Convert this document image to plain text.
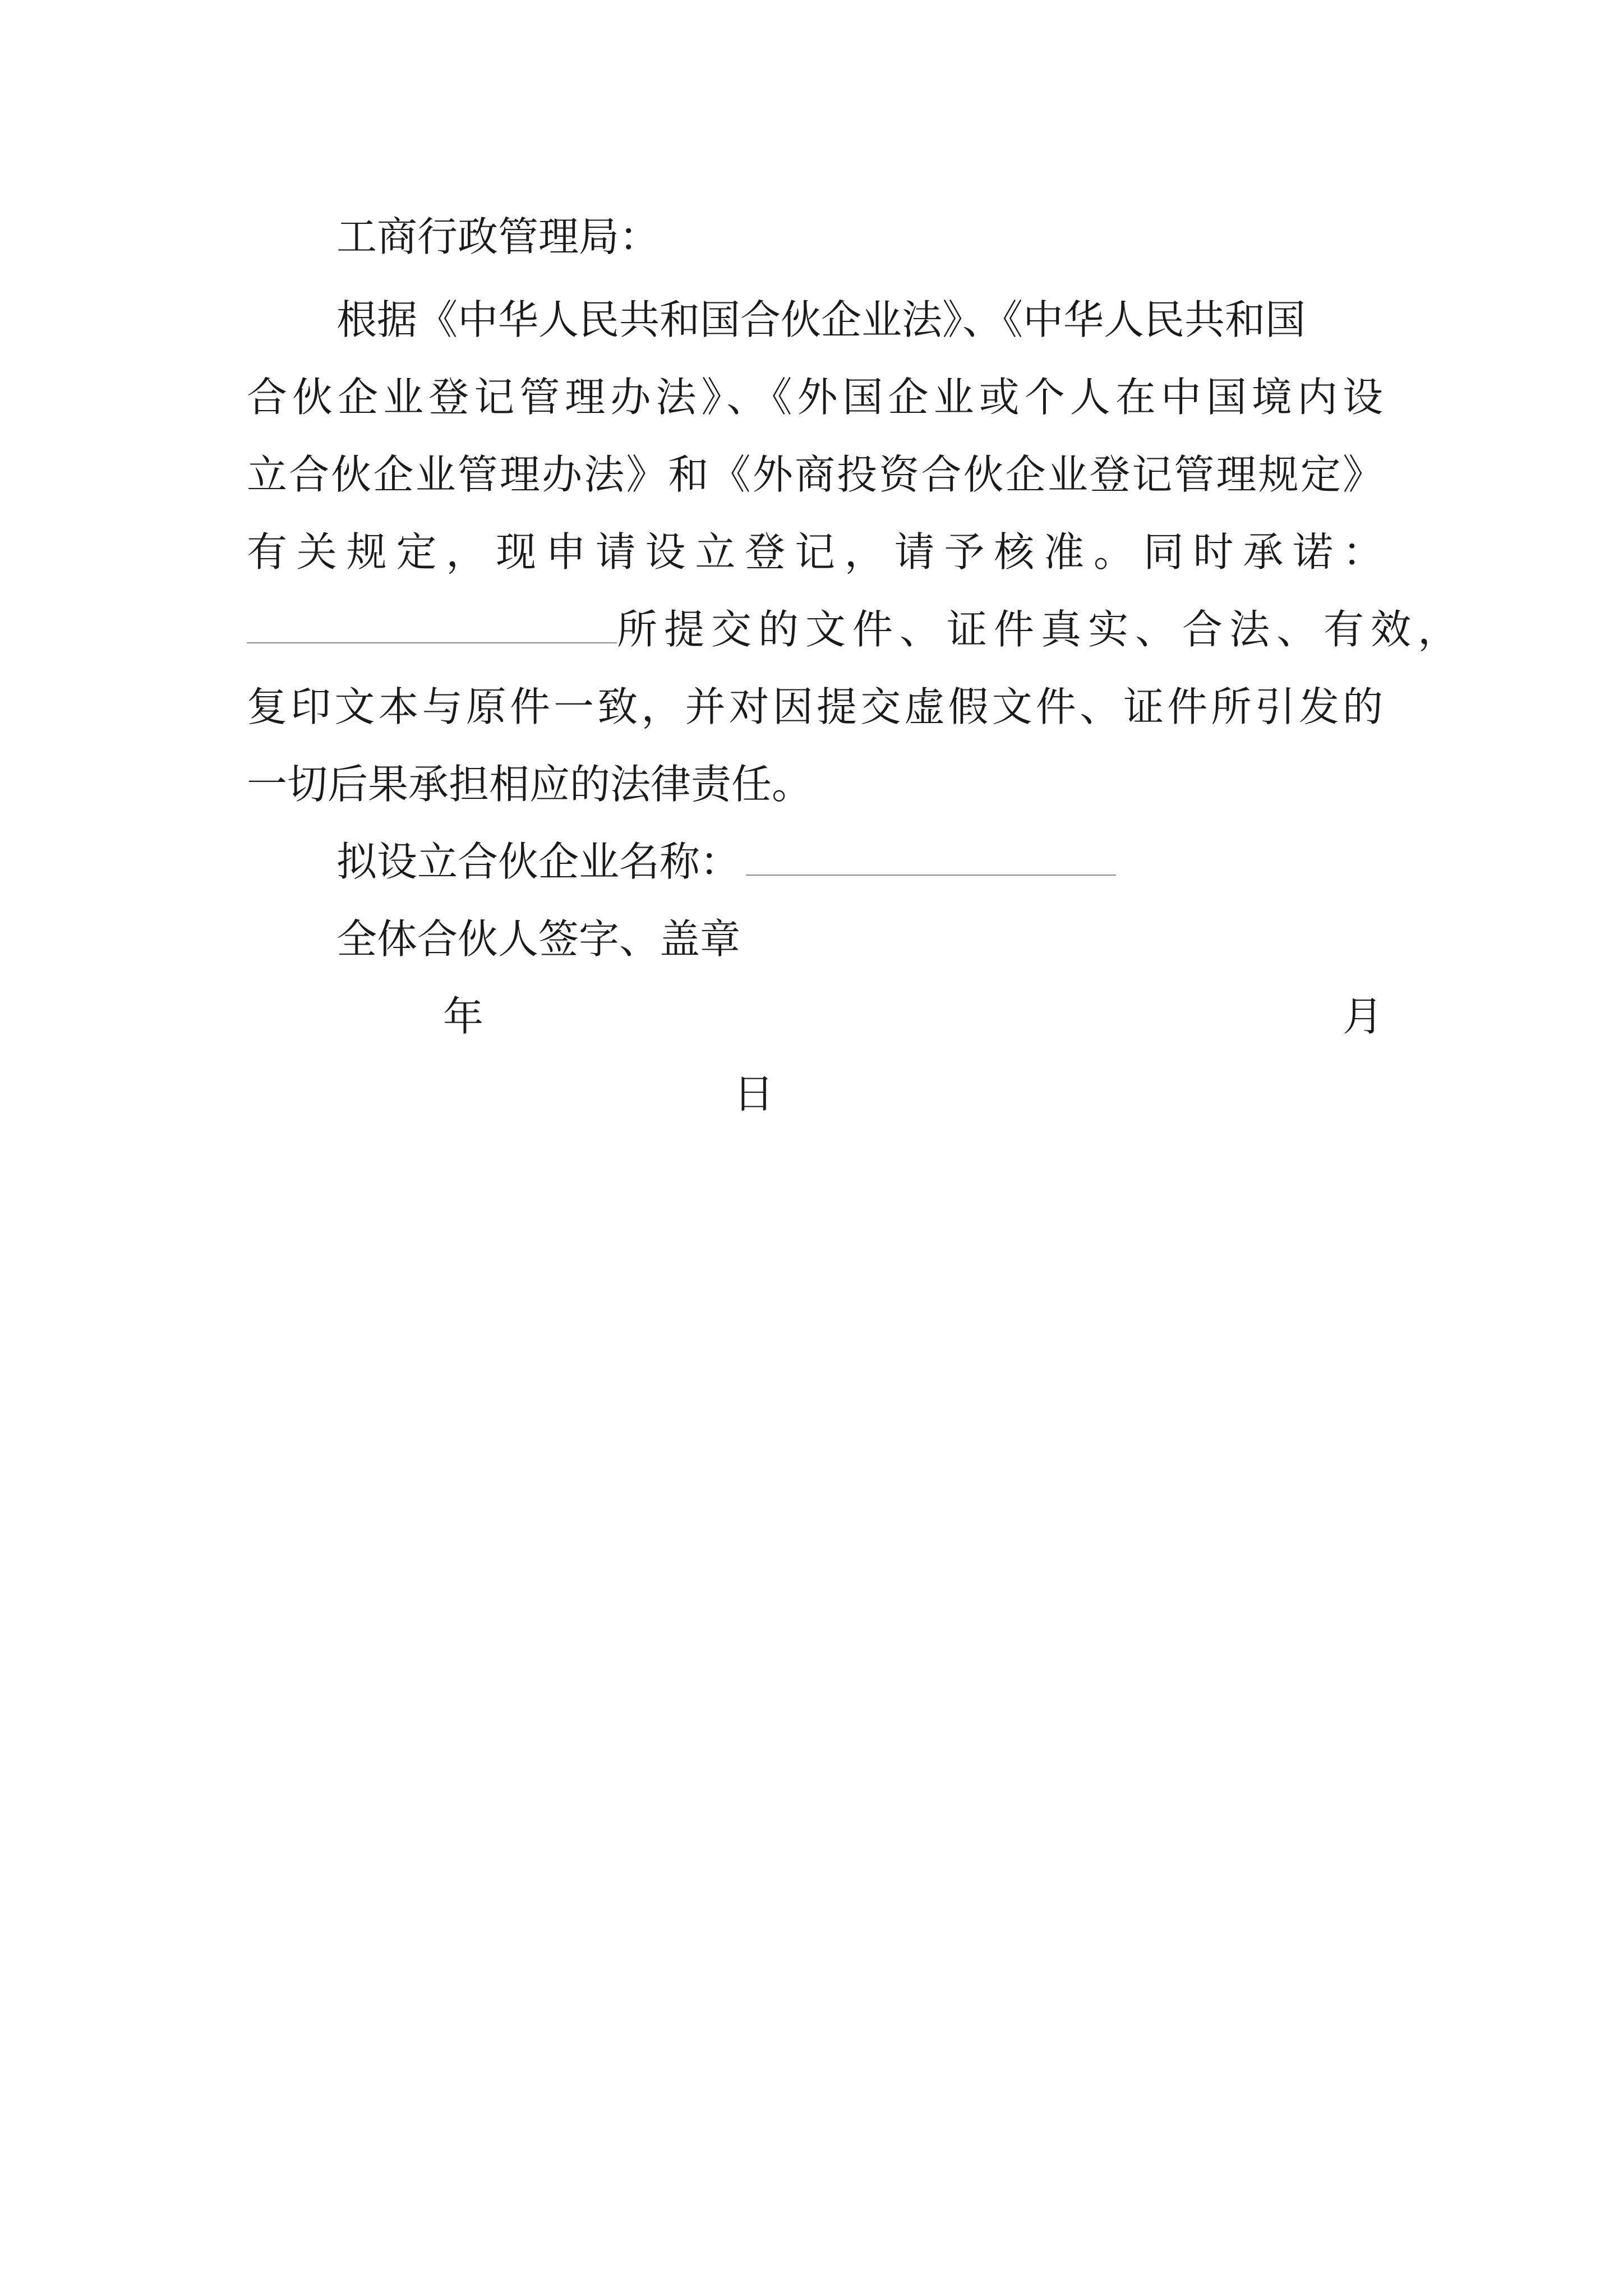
工商行政管理局：
根据《中华人民共和国合伙企业法》、《中华人民共和国
合伙企业登记管理办法》、《外国企业或个人在中国境内设
立合伙企业管理办法》和《外商投资合伙企业登记管理规定》
有关规定，现申请设立登记，请予核准。同时承诺：
所提交的文件、证件真实、合法、有效，
复印文本与原件一致，并对因提交虚假文件、证件所引发的
一切后果承担相应的法律责任。
拟设立合伙企业名称：
全体合伙人签字、盖章
年	月
日
